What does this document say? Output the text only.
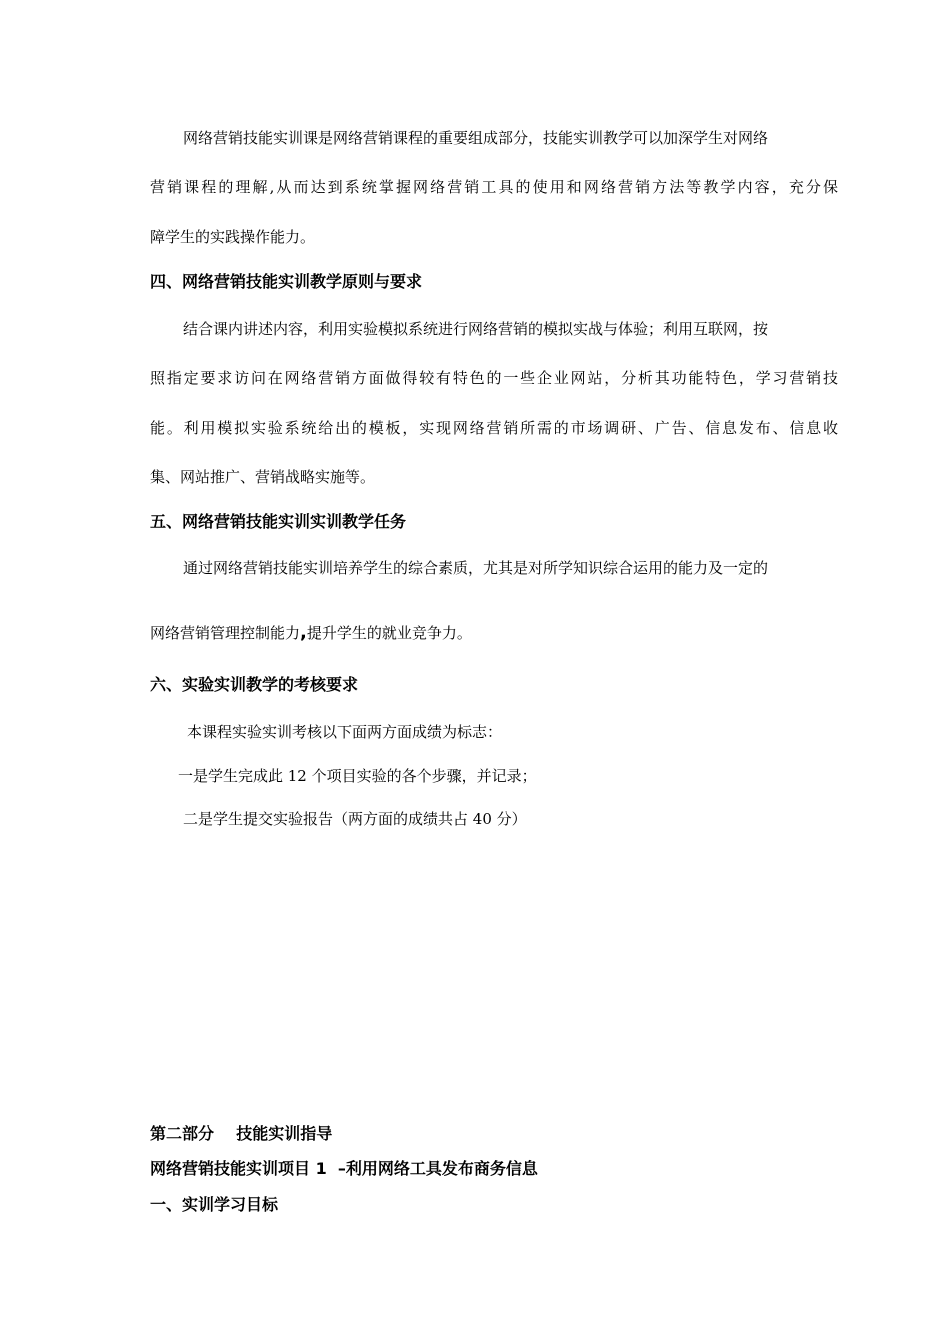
网络营销技能实训课是网络营销课程的重要组成部分，技能实训教学可以加深学生对网络
营销课程的理解,从而达到系统掌握网络营销工具的使用和网络营销方法等教学内容，充分保
障学生的实践操作能力。
四、网络营销技能实训教学原则与要求
结合课内讲述内容，利用实验模拟系统进行网络营销的模拟实战与体验；利用互联网，按
照指定要求访问在网络营销方面做得较有特色的一些企业网站，分析其功能特色，学习营销技
能。利用模拟实验系统给出的模板，实现网络营销所需的市场调研、广告、信息发布、信息收
集、网站推广、营销战略实施等。
五、网络营销技能实训实训教学任务
通过网络营销技能实训培养学生的综合素质，尤其是对所学知识综合运用的能力及一定的
网络营销管理控制能力,提升学生的就业竞争力。
六、实验实训教学的考核要求
本课程实验实训考核以下面两方面成绩为标志：
一是学生完成此 12 个项目实验的各个步骤，并记录；
二是学生提交实验报告（两方面的成绩共占 40 分）
第二部分    技能实训指导
网络营销技能实训项目 1  –利用网络工具发布商务信息
一、实训学习目标
